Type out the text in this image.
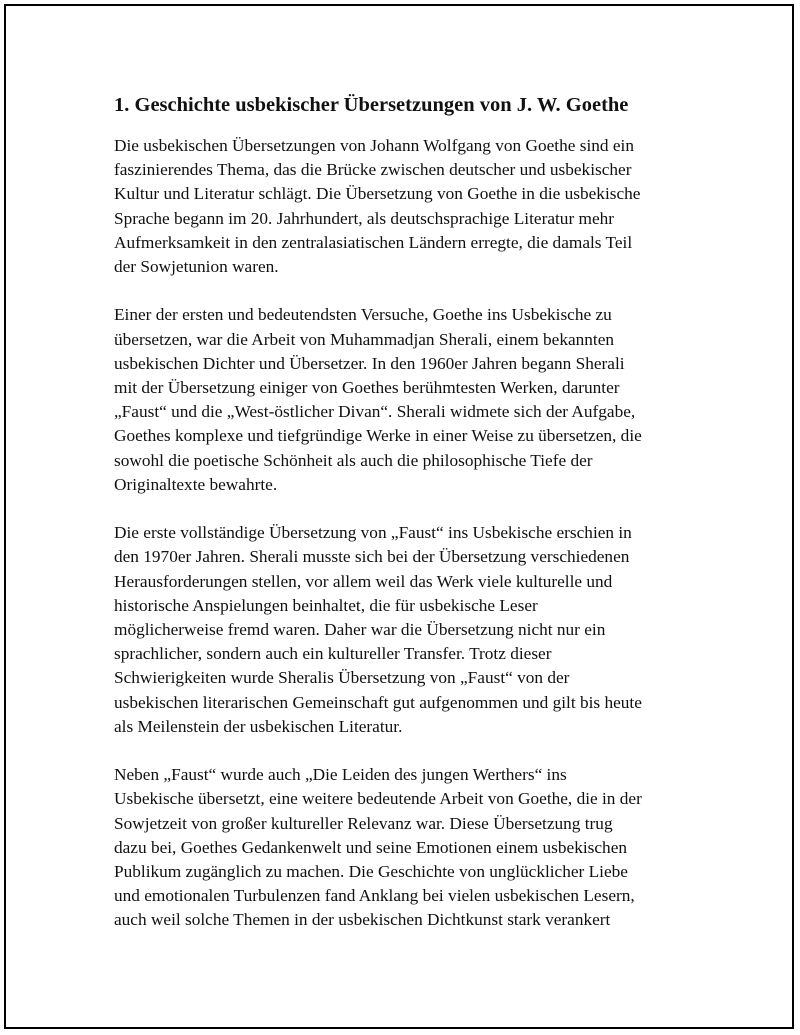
1. Geschichte usbekischer Übersetzungen von J. W. Goethe
Die usbekischen Übersetzungen von Johann Wolfgang von Goethe sind ein
faszinierendes Thema, das die Brücke zwischen deutscher und usbekischer
Kultur und Literatur schlägt. Die Übersetzung von Goethe in die usbekische
Sprache begann im 20. Jahrhundert, als deutschsprachige Literatur mehr
Aufmerksamkeit in den zentralasiatischen Ländern erregte, die damals Teil
der Sowjetunion waren.
Einer der ersten und bedeutendsten Versuche, Goethe ins Usbekische zu
übersetzen, war die Arbeit von Muhammadjan Sherali, einem bekannten
usbekischen Dichter und Übersetzer. In den 1960er Jahren begann Sherali
mit der Übersetzung einiger von Goethes berühmtesten Werken, darunter
„Faust“ und die „West-östlicher Divan“. Sherali widmete sich der Aufgabe,
Goethes komplexe und tiefgründige Werke in einer Weise zu übersetzen, die
sowohl die poetische Schönheit als auch die philosophische Tiefe der
Originaltexte bewahrte.
Die erste vollständige Übersetzung von „Faust“ ins Usbekische erschien in
den 1970er Jahren. Sherali musste sich bei der Übersetzung verschiedenen
Herausforderungen stellen, vor allem weil das Werk viele kulturelle und
historische Anspielungen beinhaltet, die für usbekische Leser
möglicherweise fremd waren. Daher war die Übersetzung nicht nur ein
sprachlicher, sondern auch ein kultureller Transfer. Trotz dieser
Schwierigkeiten wurde Sheralis Übersetzung von „Faust“ von der
usbekischen literarischen Gemeinschaft gut aufgenommen und gilt bis heute
als Meilenstein der usbekischen Literatur.
Neben „Faust“ wurde auch „Die Leiden des jungen Werthers“ ins
Usbekische übersetzt, eine weitere bedeutende Arbeit von Goethe, die in der
Sowjetzeit von großer kultureller Relevanz war. Diese Übersetzung trug
dazu bei, Goethes Gedankenwelt und seine Emotionen einem usbekischen
Publikum zugänglich zu machen. Die Geschichte von unglücklicher Liebe
und emotionalen Turbulenzen fand Anklang bei vielen usbekischen Lesern,
auch weil solche Themen in der usbekischen Dichtkunst stark verankert
